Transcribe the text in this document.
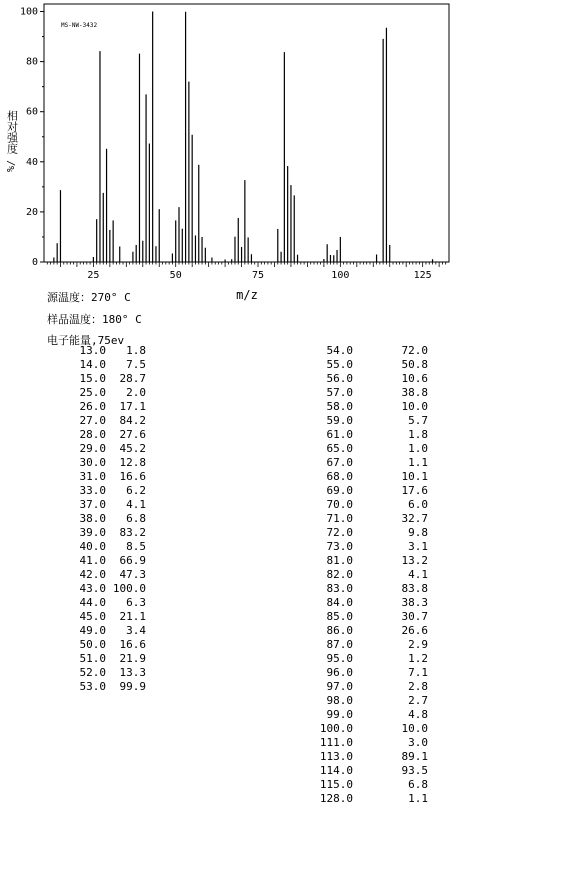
MS-NW-3432
0
20
40
60
80
100
25	50	75	100	125
m/z
相对强度
%/
源温度：270° C
样品温度：180° C
电子能量,75ev
13.0 1.8
14.0 7.5
15.0 28.7
25.0 2.0
26.0 17.1
27.0 84.2
28.0 27.6
29.0 45.2
30.0 12.8
31.0 16.6
33.0 6.2
37.0 4.1
38.0 6.8
39.0 83.2
40.0 8.5
41.0 66.9
42.0 47.3
43.0 100.0
44.0 6.3
45.0 21.1
49.0 3.4
50.0 16.6
51.0 21.9
52.0 13.3
53.0 99.9
54.0	72.0
55.0	50.8
56.0	10.6
57.0	38.8
58.0	10.0
59.0	5.7
61.0	1.8
65.0	1.0
67.0	1.1
68.0	10.1
69.0	17.6
70.0	6.0
71.0	32.7
72.0	9.8
73.0	3.1
81.0	13.2
82.0	4.1
83.0	83.8
84.0	38.3
85.0	30.7
86.0	26.6
87.0	2.9
95.0	1.2
96.0	7.1
97.0	2.8
98.0	2.7
99.0	4.8
100.0	10.0
111.0	3.0
113.0	89.1
114.0	93.5
115.0	6.8
128.0	1.1
